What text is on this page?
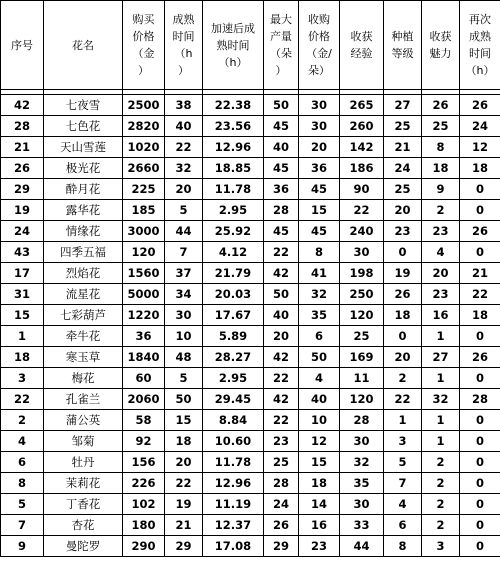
序号	花名	购买
价格
（金
）	成熟
时间
（h
）	加速后成
熟时间
（h）	最大
产量
（朵
）	收购
价格
（金/
朵）	收获
经验	种植
等级	收获
魅力	再次
成熟
时间
（h）

42	七夜雪	2500	38	22.38	50	30	265	27	26	26
28	七色花	2820	40	23.56	45	30	260	25	25	24
21	天山雪莲	1020	22	12.96	40	20	142	21	8	12
26	极光花	2660	32	18.85	45	36	186	24	18	18
29	酔月花	225	20	11.78	36	45	90	25	9	0
19	露华花	185	5	2.95	28	15	22	20	2	0
24	情缘花	3000	44	25.92	45	45	240	23	23	26
43	四季五福	120	7	4.12	22	8	30	0	4	0
17	烈焰花	1560	37	21.79	42	41	198	19	20	21
31	流星花	5000	34	20.03	50	32	250	26	23	22
15	七彩葫芦	1220	30	17.67	40	35	120	18	16	18
1	牵牛花	36	10	5.89	20	6	25	0	1	0
18	寒玉草	1840	48	28.27	42	50	169	20	27	26
3	梅花	60	5	2.95	22	4	11	2	1	0
22	孔雀兰	2060	50	29.45	42	40	120	22	32	28
2	蒲公英	58	15	8.84	22	10	28	1	1	0
4	邹菊	92	18	10.60	23	12	30	3	1	0
6	牡丹	156	20	11.78	25	15	32	5	2	0
8	茉莉花	226	22	12.96	28	18	35	7	2	0
5	丁香花	102	19	11.19	24	14	30	4	2	0
7	杏花	180	21	12.37	26	16	33	6	2	0
9	曼陀罗	290	29	17.08	29	23	44	8	3	0
